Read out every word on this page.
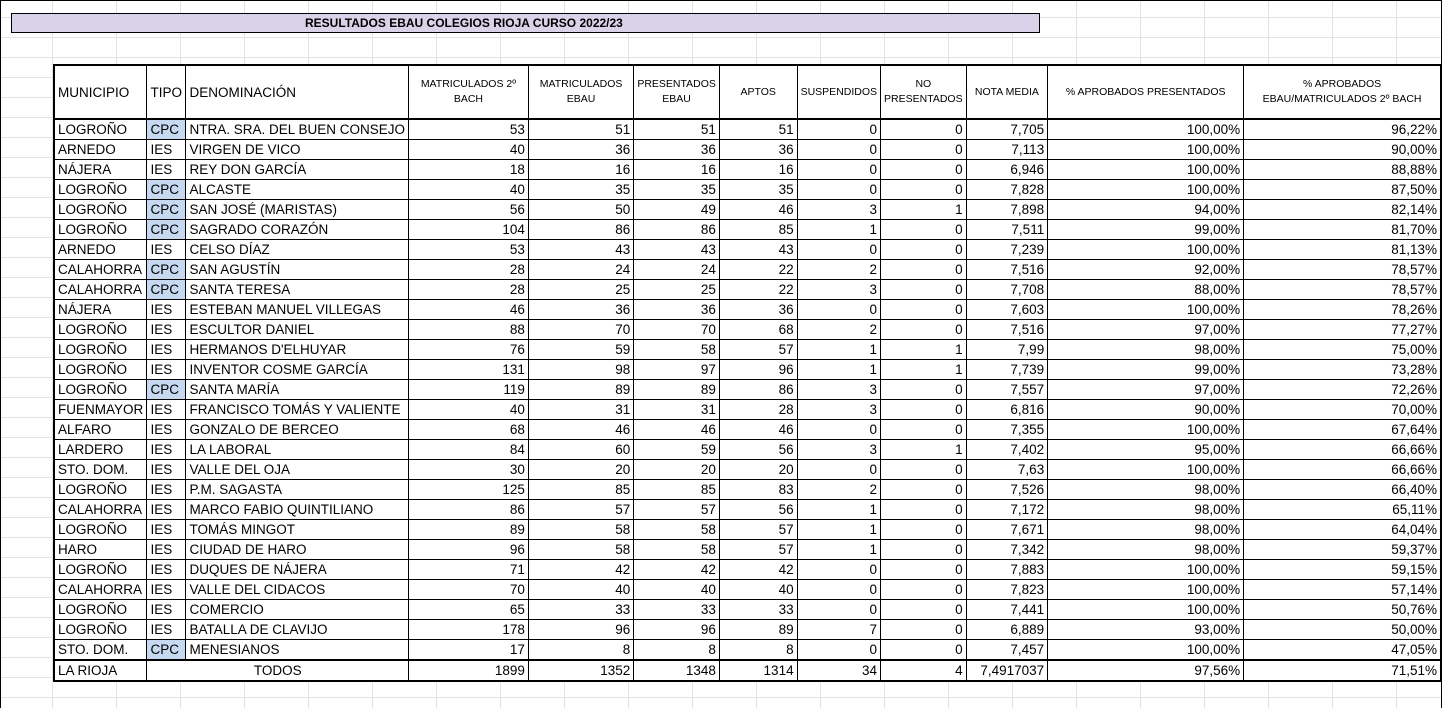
RESULTADOS EBAU COLEGIOS RIOJA CURSO 2022/23
MUNICIPIO	TIPO	DENOMINACIÓN	MATRICULADOS 2º BACH	MATRICULADOS EBAU	PRESENTADOS EBAU	APTOS	SUSPENDIDOS	NO PRESENTADOS	NOTA MEDIA	% APROBADOS PRESENTADOS	% APROBADOS EBAU/MATRICULADOS 2º BACH
LOGROÑO	CPC	NTRA. SRA. DEL BUEN CONSEJO	53	51	51	51	0	0	7,705	100,00%	96,22%
ARNEDO	IES	VIRGEN DE VICO	40	36	36	36	0	0	7,113	100,00%	90,00%
NÁJERA	IES	REY DON GARCÍA	18	16	16	16	0	0	6,946	100,00%	88,88%
LOGROÑO	CPC	ALCASTE	40	35	35	35	0	0	7,828	100,00%	87,50%
LOGROÑO	CPC	SAN JOSÉ (MARISTAS)	56	50	49	46	3	1	7,898	94,00%	82,14%
LOGROÑO	CPC	SAGRADO CORAZÓN	104	86	86	85	1	0	7,511	99,00%	81,70%
ARNEDO	IES	CELSO DÍAZ	53	43	43	43	0	0	7,239	100,00%	81,13%
CALAHORRA	CPC	SAN AGUSTÍN	28	24	24	22	2	0	7,516	92,00%	78,57%
CALAHORRA	CPC	SANTA TERESA	28	25	25	22	3	0	7,708	88,00%	78,57%
NÁJERA	IES	ESTEBAN MANUEL VILLEGAS	46	36	36	36	0	0	7,603	100,00%	78,26%
LOGROÑO	IES	ESCULTOR DANIEL	88	70	70	68	2	0	7,516	97,00%	77,27%
LOGROÑO	IES	HERMANOS D'ELHUYAR	76	59	58	57	1	1	7,99	98,00%	75,00%
LOGROÑO	IES	INVENTOR COSME GARCÍA	131	98	97	96	1	1	7,739	99,00%	73,28%
LOGROÑO	CPC	SANTA MARÍA	119	89	89	86	3	0	7,557	97,00%	72,26%
FUENMAYOR	IES	FRANCISCO TOMÁS Y VALIENTE	40	31	31	28	3	0	6,816	90,00%	70,00%
ALFARO	IES	GONZALO DE BERCEO	68	46	46	46	0	0	7,355	100,00%	67,64%
LARDERO	IES	LA LABORAL	84	60	59	56	3	1	7,402	95,00%	66,66%
STO. DOM.	IES	VALLE DEL OJA	30	20	20	20	0	0	7,63	100,00%	66,66%
LOGROÑO	IES	P.M. SAGASTA	125	85	85	83	2	0	7,526	98,00%	66,40%
CALAHORRA	IES	MARCO FABIO QUINTILIANO	86	57	57	56	1	0	7,172	98,00%	65,11%
LOGROÑO	IES	TOMÁS MINGOT	89	58	58	57	1	0	7,671	98,00%	64,04%
HARO	IES	CIUDAD DE HARO	96	58	58	57	1	0	7,342	98,00%	59,37%
LOGROÑO	IES	DUQUES DE NÁJERA	71	42	42	42	0	0	7,883	100,00%	59,15%
CALAHORRA	IES	VALLE DEL CIDACOS	70	40	40	40	0	0	7,823	100,00%	57,14%
LOGROÑO	IES	COMERCIO	65	33	33	33	0	0	7,441	100,00%	50,76%
LOGROÑO	IES	BATALLA DE CLAVIJO	178	96	96	89	7	0	6,889	93,00%	50,00%
STO. DOM.	CPC	MENESIANOS	17	8	8	8	0	0	7,457	100,00%	47,05%
LA RIOJA	TODOS		1899	1352	1348	1314	34	4	7,4917037	97,56%	71,51%
